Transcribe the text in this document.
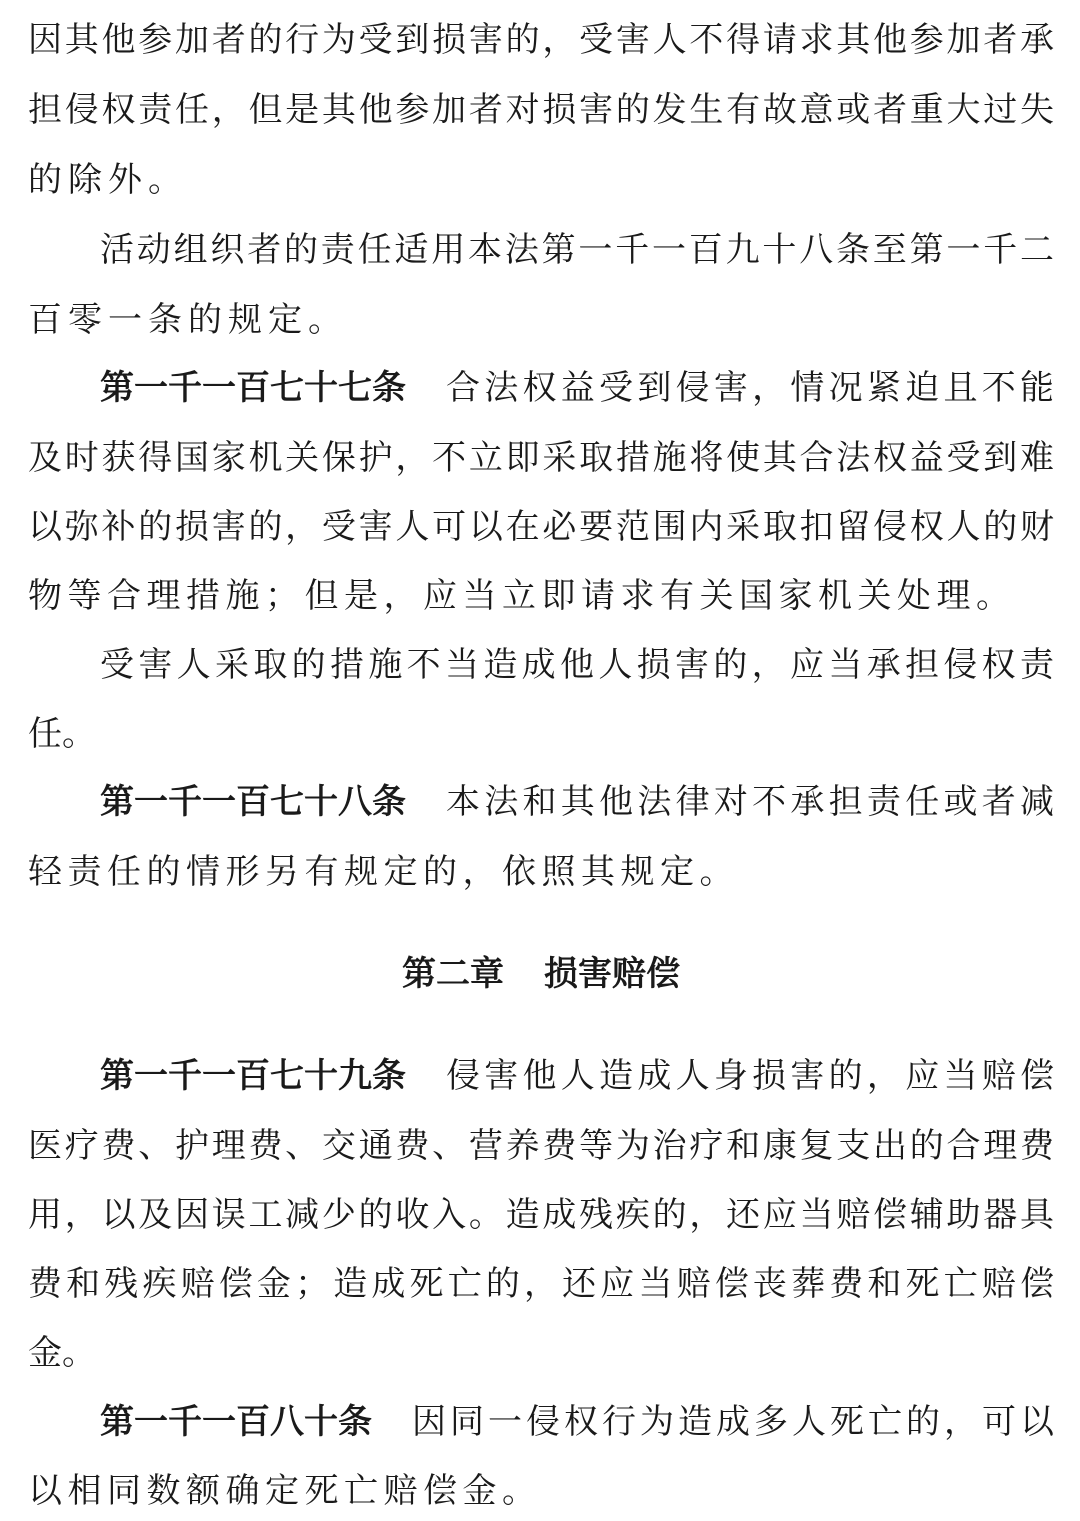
因其他参加者的行为受到损害的，受害人不得请求其他参加者承
担侵权责任，但是其他参加者对损害的发生有故意或者重大过失
的除外。
活动组织者的责任适用本法第一千一百九十八条至第一千二
百零一条的规定。
第一千一百七十七条 合法权益受到侵害，情况紧迫且不能
及时获得国家机关保护，不立即采取措施将使其合法权益受到难
以弥补的损害的，受害人可以在必要范围内采取扣留侵权人的财
物等合理措施；但是，应当立即请求有关国家机关处理。
受害人采取的措施不当造成他人损害的，应当承担侵权责
任。
第一千一百七十八条 本法和其他法律对不承担责任或者减
轻责任的情形另有规定的，依照其规定。
第二章 损害赔偿
第一千一百七十九条 侵害他人造成人身损害的，应当赔偿
医疗费、护理费、交通费、营养费等为治疗和康复支出的合理费
用，以及因误工减少的收入。造成残疾的，还应当赔偿辅助器具
费和残疾赔偿金；造成死亡的，还应当赔偿丧葬费和死亡赔偿
金。
第一千一百八十条 因同一侵权行为造成多人死亡的，可以
以相同数额确定死亡赔偿金。
